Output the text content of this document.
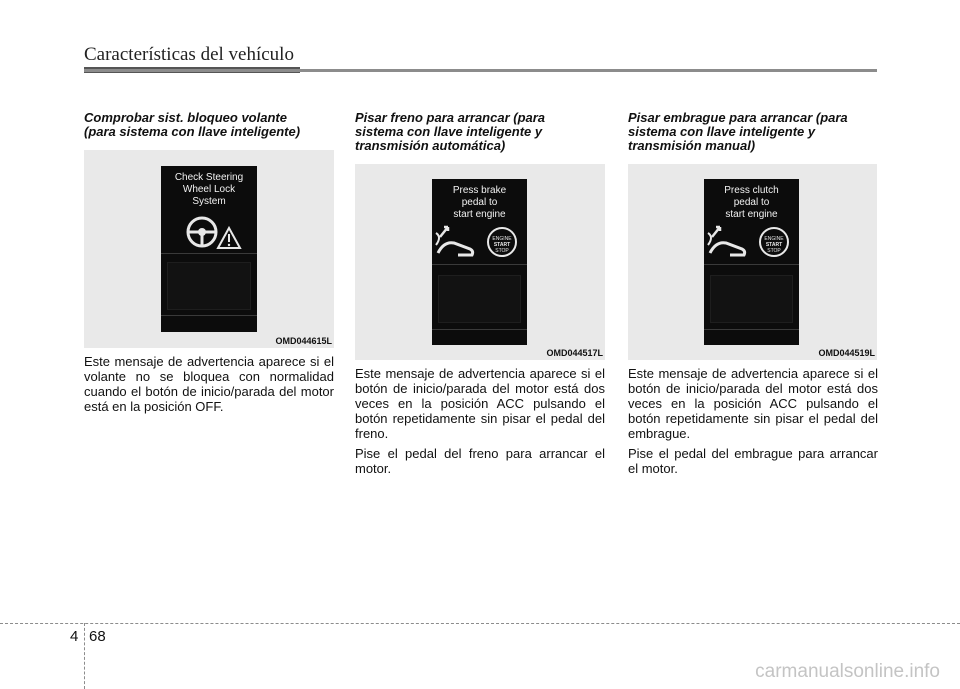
Características del vehículo

Comprobar sist. bloqueo volante
(para sistema con llave inteligente)

Check Steering
Wheel Lock
System
OMD044615L

Este mensaje de advertencia aparece si el volante no se bloquea con normalidad cuando el botón de inicio/parada del motor está en la posición OFF.

Pisar freno para arrancar (para
sistema con llave inteligente y
transmisión automática)

Press brake
pedal to
start engine
ENGINE
START
STOP
OMD044517L

Este mensaje de advertencia aparece si el botón de inicio/parada del motor está dos veces en la posición ACC pulsando el botón repetidamente sin pisar el pedal del freno.

Pise el pedal del freno para arrancar el motor.

Pisar embrague para arrancar (para
sistema con llave inteligente y
transmisión manual)

Press clutch
pedal to
start engine
ENGINE
START
STOP
OMD044519L

Este mensaje de advertencia aparece si el botón de inicio/parada del motor está dos veces en la posición ACC pulsando el botón repetidamente sin pisar el pedal del embrague.

Pise el pedal del embrague para arrancar el motor.

4 68
carmanualsonline.info
